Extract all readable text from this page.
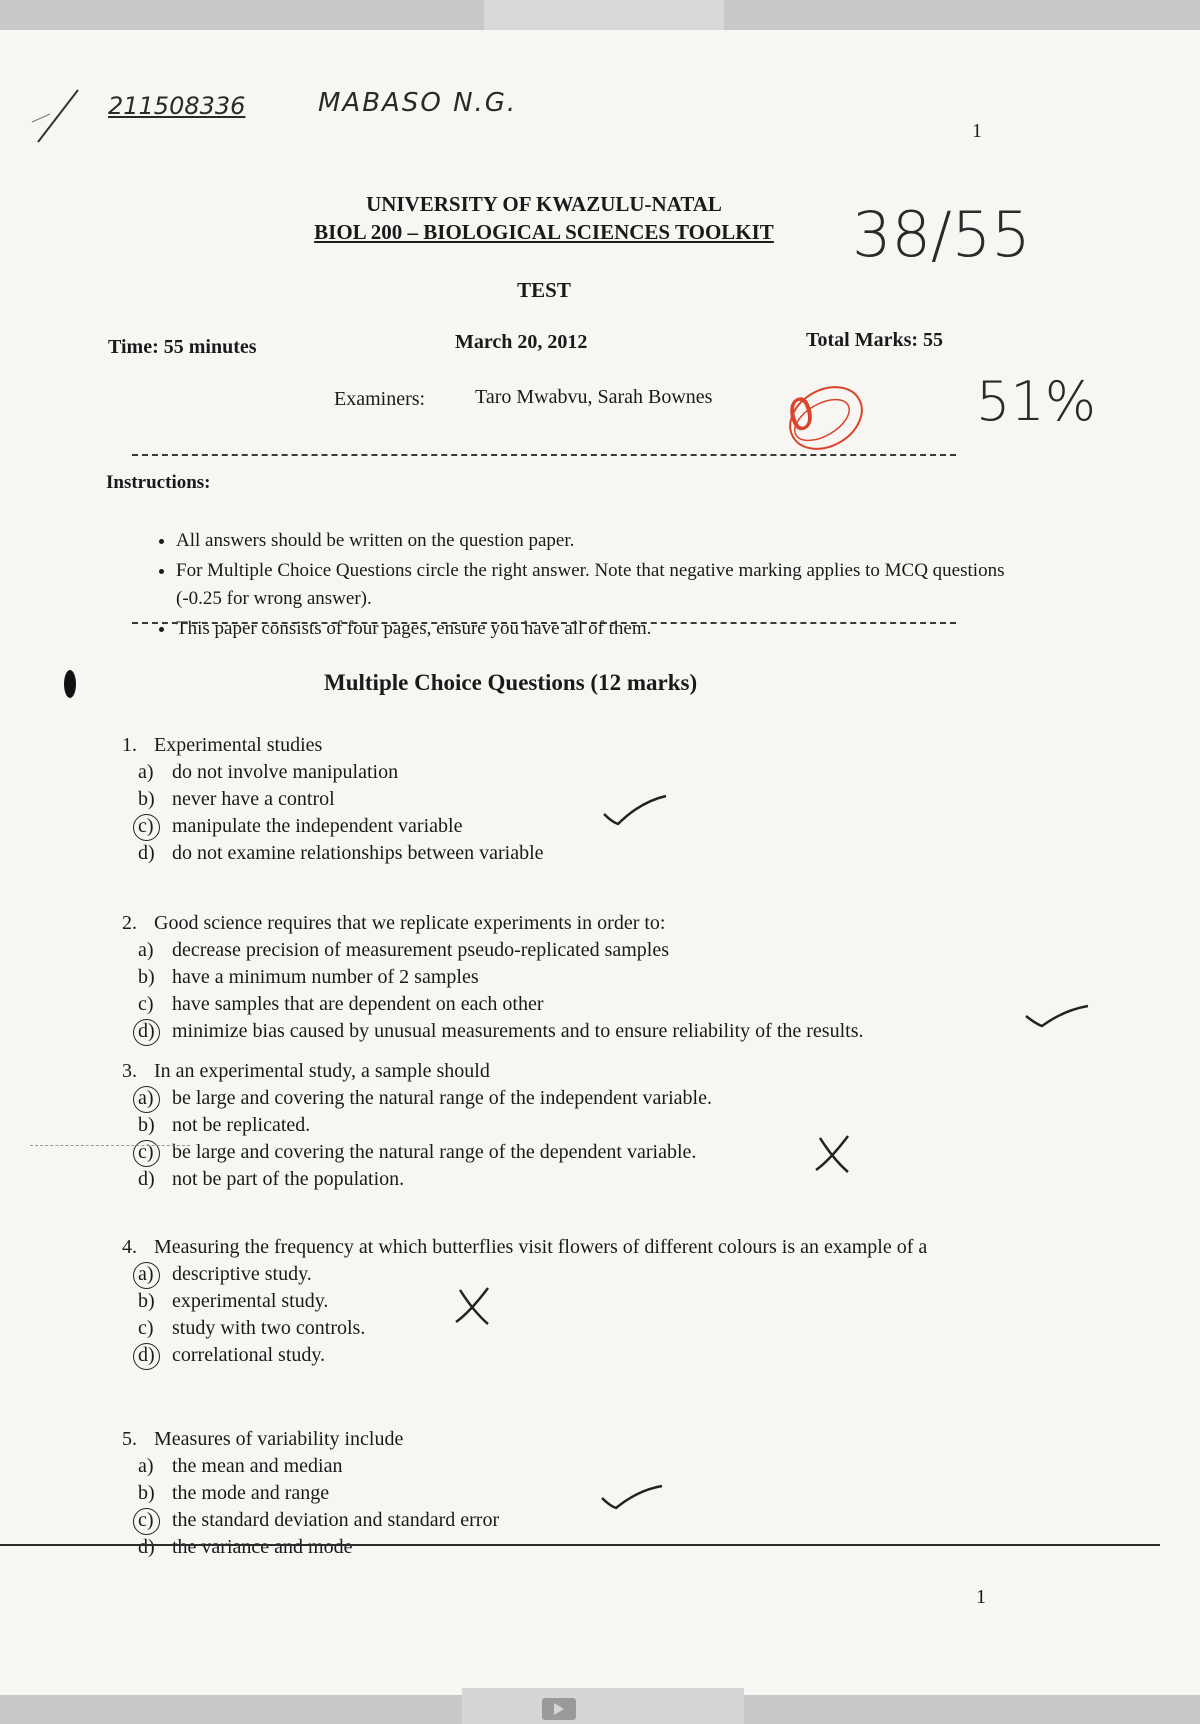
211508336	MABASO N.G.
1
UNIVERSITY OF KWAZULU-NATAL
BIOL 200 – BIOLOGICAL SCIENCES TOOLKIT
TEST
38/55
51%
Time: 55 minutes	March 20, 2012	Total Marks: 55
Examiners: Taro Mwabvu, Sarah Bownes 0
Instructions:
• All answers should be written on the question paper.
• For Multiple Choice Questions circle the right answer. Note that negative marking applies to MCQ questions (-0.25 for wrong answer).
• This paper consists of four pages, ensure you have all of them.
Multiple Choice Questions (12 marks)
1. Experimental studies
a) do not involve manipulation
b) never have a control
c) manipulate the independent variable
d) do not examine relationships between variable
2. Good science requires that we replicate experiments in order to:
a) decrease precision of measurement pseudo-replicated samples
b) have a minimum number of 2 samples
c) have samples that are dependent on each other
d) minimize bias caused by unusual measurements and to ensure reliability of the results.
3. In an experimental study, a sample should
a) be large and covering the natural range of the independent variable.
b) not be replicated.
c) be large and covering the natural range of the dependent variable.
d) not be part of the population.
4. Measuring the frequency at which butterflies visit flowers of different colours is an example of a
a) descriptive study.
b) experimental study.
c) study with two controls.
d) correlational study.
5. Measures of variability include
a) the mean and median
b) the mode and range
c) the standard deviation and standard error
d) the variance and mode
1
